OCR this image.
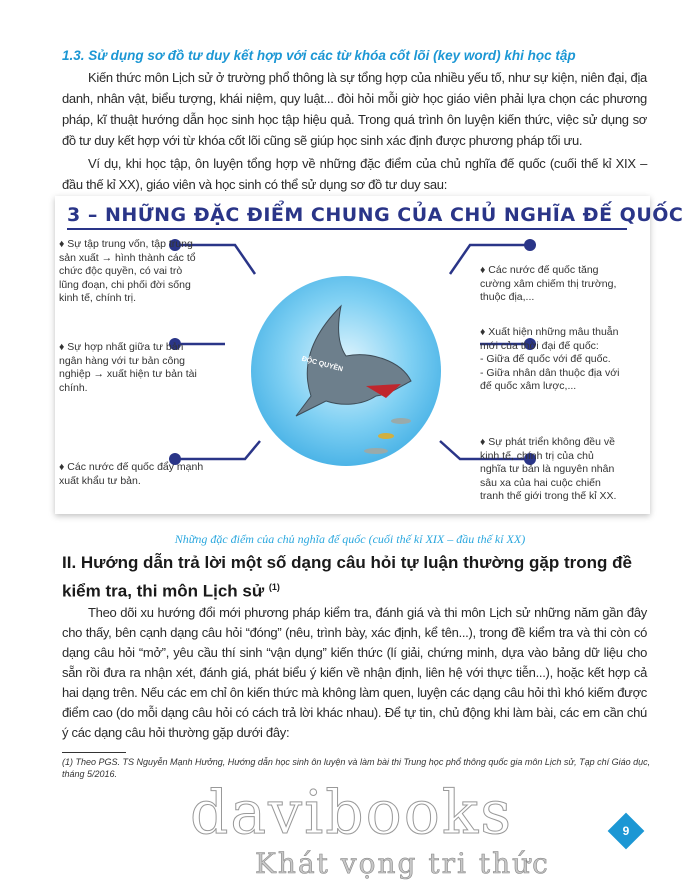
1.3. Sử dụng sơ đồ tư duy kết hợp với các từ khóa cốt lõi (key word) khi học tập

Kiến thức môn Lịch sử ở trường phổ thông là sự tổng hợp của nhiều yếu tố, như sự kiện, niên đại, địa danh, nhân vật, biểu tượng, khái niệm, quy luật... đòi hỏi mỗi giờ học giáo viên phải lựa chọn các phương pháp, kĩ thuật hướng dẫn học sinh học tập hiệu quả. Trong quá trình ôn luyện kiến thức, việc sử dụng sơ đồ tư duy kết hợp với từ khóa cốt lõi cũng sẽ giúp học sinh xác định được phương pháp tối ưu.

Ví dụ, khi học tập, ôn luyện tổng hợp về những đặc điểm của chủ nghĩa đế quốc (cuối thế kỉ XIX – đầu thế kỉ XX), giáo viên và học sinh có thể sử dụng sơ đồ tư duy sau:

3 – NHỮNG ĐẶC ĐIỂM CHUNG CỦA CHỦ NGHĨA ĐẾ QUỐC
ĐỘC QUYỀN
♦ Sự tập trung vốn, tập trung sản xuất → hình thành các tổ chức độc quyền, có vai trò lũng đoạn, chi phối đời sống kinh tế, chính trị.
♦ Sự hợp nhất giữa tư bản ngân hàng với tư bản công nghiệp → xuất hiện tư bản tài chính.
♦ Các nước đế quốc đẩy mạnh xuất khẩu tư bản.
♦ Các nước đế quốc tăng cường xâm chiếm thị trường, thuộc địa,...
♦ Xuất hiện những mâu thuẫn mới của thời đại đế quốc:
- Giữa đế quốc với đế quốc.
- Giữa nhân dân thuộc địa với đế quốc xâm lược,...
♦ Sự phát triển không đều về kinh tế, chính trị của chủ nghĩa tư bản là nguyên nhân sâu xa của hai cuộc chiến tranh thế giới trong thế kỉ XX.
Những đặc điểm của chủ nghĩa đế quốc (cuối thế kỉ XIX – đầu thế kỉ XX)
II. Hướng dẫn trả lời một số dạng câu hỏi tự luận thường gặp trong đề kiểm tra, thi môn Lịch sử $^{(1)}$

Theo dõi xu hướng đổi mới phương pháp kiểm tra, đánh giá và thi môn Lịch sử những năm gần đây cho thấy, bên cạnh dạng câu hỏi “đóng” (nêu, trình bày, xác định, kể tên...), trong đề kiểm tra và thi còn có dạng câu hỏi “mở”, yêu cầu thí sinh “vận dụng” kiến thức (lí giải, chứng minh, dựa vào bảng dữ liệu cho sẵn rồi đưa ra nhận xét, đánh giá, phát biểu ý kiến về nhận định, liên hệ với thực tiễn...), hoặc kết hợp cả hai dạng trên. Nếu các em chỉ ôn kiến thức mà không làm quen, luyện các dạng câu hỏi thì khó kiếm được điểm cao (do mỗi dạng câu hỏi có cách trả lời khác nhau). Để tự tin, chủ động khi làm bài, các em cần chú ý các dạng câu hỏi thường gặp dưới đây:

(1) Theo PGS. TS Nguyễn Mạnh Hưởng, Hướng dẫn học sinh ôn luyện và làm bài thi Trung học phổ thông quốc gia môn Lịch sử, Tạp chí Giáo dục, tháng 5/2016.
davibooks
Khát vọng tri thức
9
